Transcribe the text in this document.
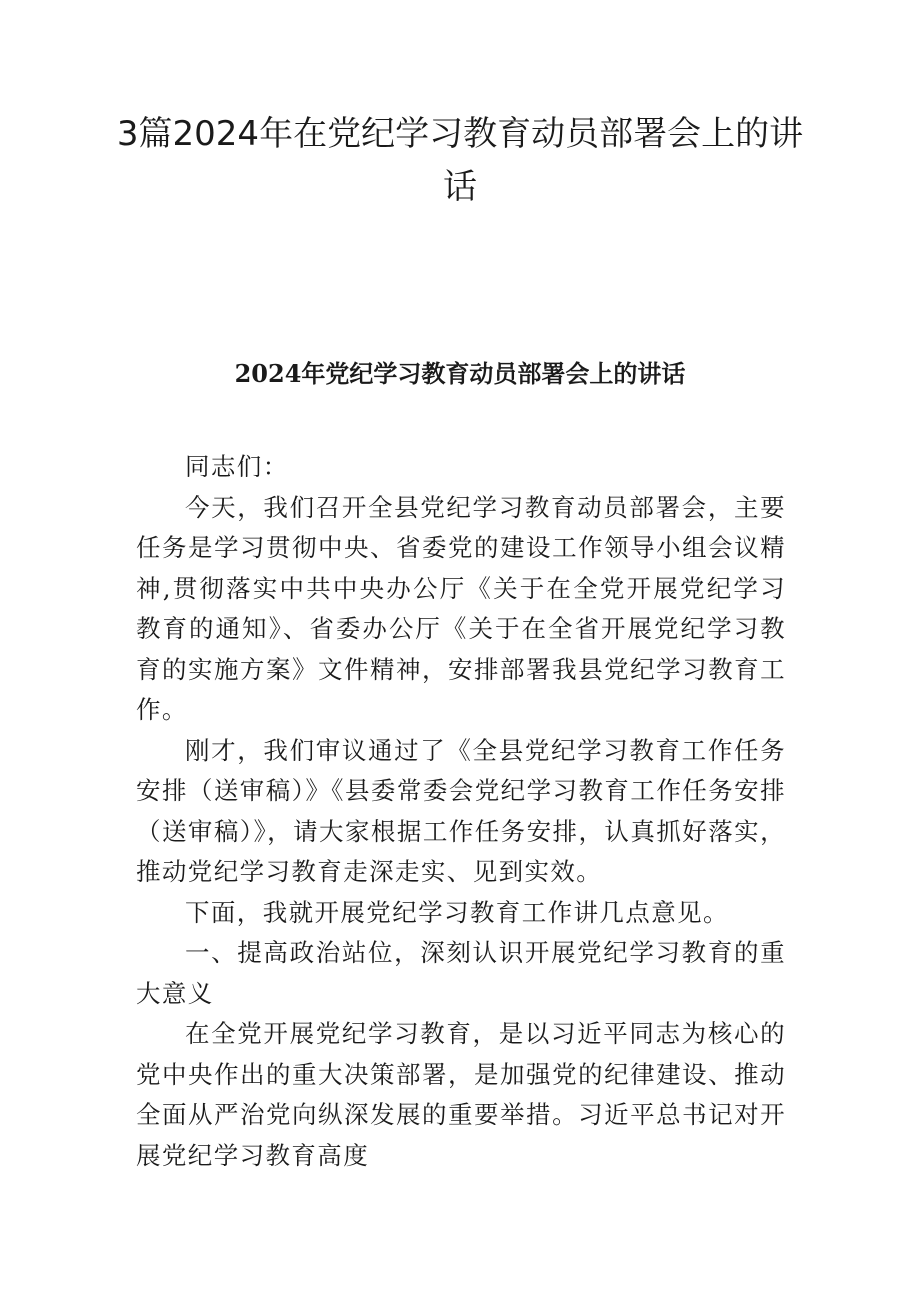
3篇2024年在党纪学习教育动员部署会上的讲话
2024年党纪学习教育动员部署会上的讲话

同志们：

今天，我们召开全县党纪学习教育动员部署会，主要任务是学习贯彻中央、省委党的建设工作领导小组会议精神,贯彻落实中共中央办公厅《关于在全党开展党纪学习教育的通知》、省委办公厅《关于在全省开展党纪学习教育的实施方案》文件精神，安排部署我县党纪学习教育工作。

刚才，我们审议通过了《全县党纪学习教育工作任务安排（送审稿）》《县委常委会党纪学习教育工作任务安排（送审稿）》，请大家根据工作任务安排，认真抓好落实，推动党纪学习教育走深走实、见到实效。

下面，我就开展党纪学习教育工作讲几点意见。

一、提高政治站位，深刻认识开展党纪学习教育的重大意义

在全党开展党纪学习教育，是以习近平同志为核心的党中央作出的重大决策部署，是加强党的纪律建设、推动全面从严治党向纵深发展的重要举措。习近平总书记对开展党纪学习教育高度
